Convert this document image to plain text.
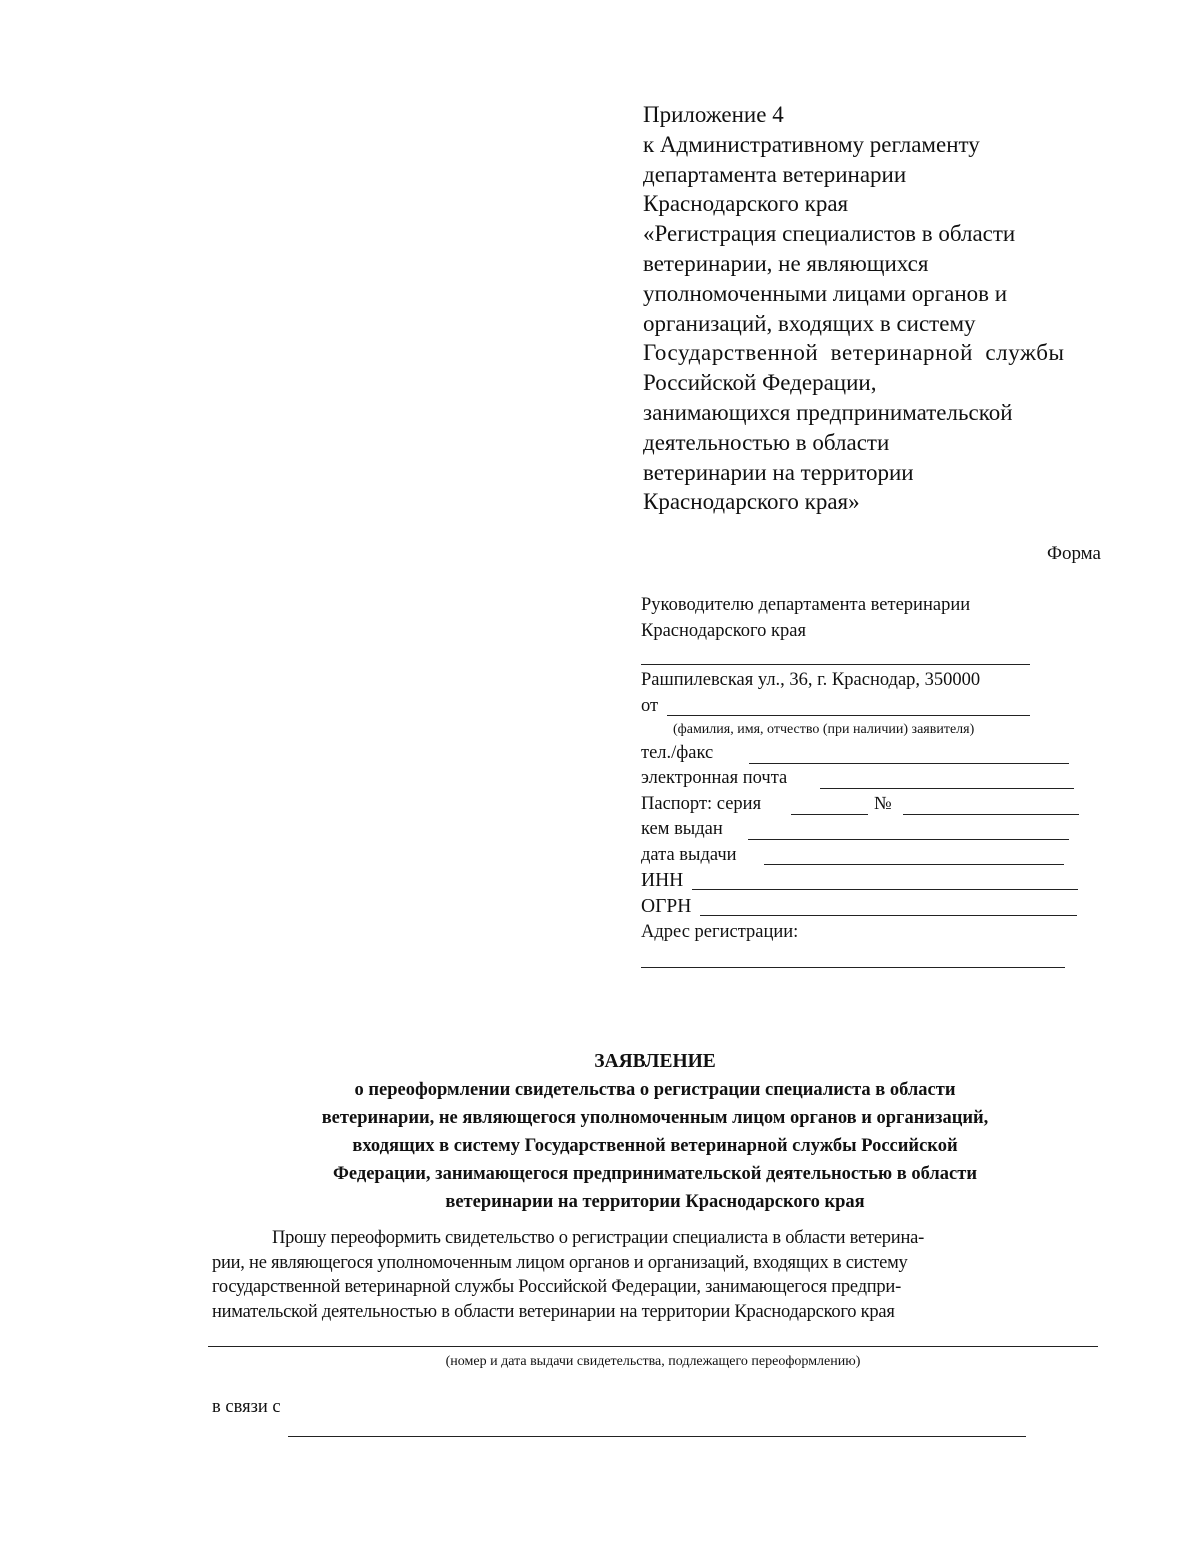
Приложение 4
к Административному регламенту
департамента ветеринарии
Краснодарского края
«Регистрация специалистов в области
ветеринарии, не являющихся
уполномоченными лицами органов и
организаций, входящих в систему
Государственной ветеринарной службы
Российской Федерации,
занимающихся предпринимательской
деятельностью в области
ветеринарии на территории
Краснодарского края»
Форма
Руководителю департамента ветеринарии
Краснодарского края
Рашпилевская ул., 36, г. Краснодар, 350000
от
(фамилия, имя, отчество (при наличии) заявителя)
тел./факс
электронная почта
Паспорт: серия	№
кем выдан
дата выдачи
ИНН
ОГРН
Адрес регистрации:
ЗАЯВЛЕНИЕ
о переоформлении свидетельства о регистрации специалиста в области
ветеринарии, не являющегося уполномоченным лицом органов и организаций,
входящих в систему Государственной ветеринарной службы Российской
Федерации, занимающегося предпринимательской деятельностью в области
ветеринарии на территории Краснодарского края
Прошу переоформить свидетельство о регистрации специалиста в области ветерина-
рии, не являющегося уполномоченным лицом органов и организаций, входящих в систему
государственной ветеринарной службы Российской Федерации, занимающегося предпри-
нимательской деятельностью в области ветеринарии на территории Краснодарского края
(номер и дата выдачи свидетельства, подлежащего переоформлению)
в связи с
